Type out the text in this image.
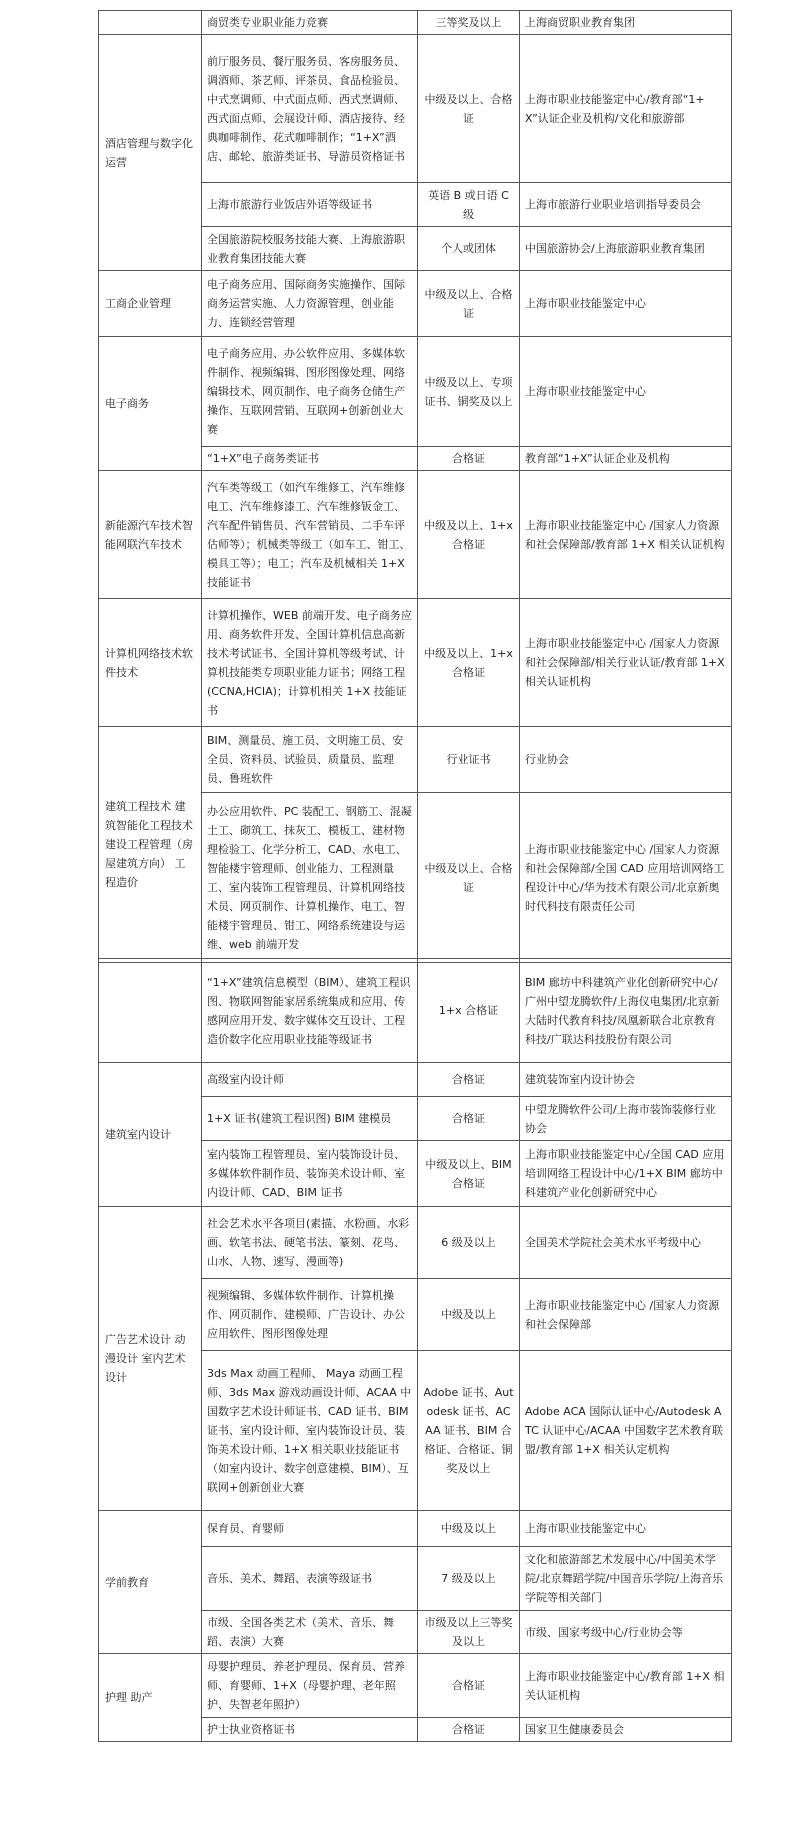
	商贸类专业职业能力竞赛	三等奖及以上	上海商贸职业教育集团
酒店管理与数字化运营	前厅服务员、餐厅服务员、客房服务员、调酒师、茶艺师、评茶员、食品检验员、中式烹调师、中式面点师、西式烹调师、西式面点师、会展设计师、酒店接待、经典咖啡制作、花式咖啡制作；“1+X”酒店、邮轮、旅游类证书、导游员资格证书	中级及以上、合格证	上海市职业技能鉴定中心/教育部“1+X”认证企业及机构/文化和旅游部
	上海市旅游行业饭店外语等级证书	英语 B 或日语 C 级	上海市旅游行业职业培训指导委员会
	全国旅游院校服务技能大赛、上海旅游职业教育集团技能大赛	个人或团体	中国旅游协会/上海旅游职业教育集团
工商企业管理	电子商务应用、国际商务实施操作、国际商务运营实施、人力资源管理、创业能力、连锁经营管理	中级及以上、合格证	上海市职业技能鉴定中心
电子商务	电子商务应用、办公软件应用、多媒体软件制作、视频编辑、图形图像处理、网络编辑技术、网页制作、电子商务仓储生产操作、互联网营销、互联网+创新创业大赛	中级及以上、专项证书、铜奖及以上	上海市职业技能鉴定中心
	“1+X”电子商务类证书	合格证	教育部“1+X”认证企业及机构
新能源汽车技术智能网联汽车技术	汽车类等级工（如汽车维修工、汽车维修电工、汽车维修漆工、汽车维修钣金工、汽车配件销售员、汽车营销员、二手车评估师等）；机械类等级工（如车工、钳工、模具工等）；电工；汽车及机械相关 1+X 技能证书	中级及以上、1+x 合格证	上海市职业技能鉴定中心 /国家人力资源和社会保障部/教育部 1+X 相关认证机构
计算机网络技术软件技术	计算机操作、WEB 前端开发、电子商务应用、商务软件开发、全国计算机信息高新技术考试证书、全国计算机等级考试、计算机技能类专项职业能力证书；网络工程(CCNA,HCIA)；计算机相关 1+X 技能证书	中级及以上、1+x 合格证	上海市职业技能鉴定中心 /国家人力资源和社会保障部/相关行业认证/教育部 1+X 相关认证机构
建筑工程技术 建筑智能化工程技术 建设工程管理（房屋建筑方向） 工程造价	BIM、测量员、施工员、文明施工员、安全员、资料员、试验员、质量员、监理员、鲁班软件	行业证书	行业协会
	办公应用软件、PC 装配工、钢筋工、混凝土工、砌筑工、抹灰工、模板工、建材物理检验工、化学分析工、CAD、水电工、智能楼宇管理师、创业能力、工程测量工、室内装饰工程管理员、计算机网络技术员、网页制作、计算机操作、电工、智能楼宇管理员、钳工、网络系统建设与运维、web 前端开发	中级及以上、合格证	上海市职业技能鉴定中心 /国家人力资源和社会保障部/全国 CAD 应用培训网络工程设计中心/华为技术有限公司/北京新奥时代科技有限责任公司
	“1+X”建筑信息模型（BIM）、建筑工程识图、物联网智能家居系统集成和应用、传感网应用开发、数字媒体交互设计、工程造价数字化应用职业技能等级证书	1+x 合格证	BIM 廊坊中科建筑产业化创新研究中心/广州中望龙腾软件/上海仪电集团/北京新大陆时代教育科技/凤凰新联合北京教育科技/广联达科技股份有限公司
建筑室内设计	高级室内设计师	合格证	建筑装饰室内设计协会
	1+X 证书(建筑工程识图) BIM 建模员	合格证	中望龙腾软件公司/上海市装饰装修行业协会
	室内装饰工程管理员、室内装饰设计员、多媒体软件制作员、装饰美术设计师、室内设计师、CAD、BIM 证书	中级及以上、BIM 合格证	上海市职业技能鉴定中心/全国 CAD 应用培训网络工程设计中心/1+X BIM 廊坊中科建筑产业化创新研究中心
广告艺术设计 动漫设计 室内艺术设计	社会艺术水平各项目(素描、水粉画、水彩画、软笔书法、硬笔书法、篆刻、花鸟、山水、人物、速写、漫画等)	6 级及以上	全国美术学院社会美术水平考级中心
	视频编辑、多媒体软件制作、计算机操作、网页制作、建模师、广告设计、办公应用软件、图形图像处理	中级及以上	上海市职业技能鉴定中心 /国家人力资源和社会保障部
	3ds Max 动画工程师、 Maya 动画工程师、3ds Max 游戏动画设计师、ACAA 中国数字艺术设计师证书、CAD 证书、BIM 证书、室内设计师、室内装饰设计员、装饰美术设计师、1+X 相关职业技能证书（如室内设计、数字创意建模、BIM）、互联网+创新创业大赛	Adobe 证书、Autodesk 证书、ACAA 证书、BIM 合格证、合格证、铜奖及以上	Adobe ACA 国际认证中心/Autodesk ATC 认证中心/ACAA 中国数字艺术教育联盟/教育部 1+X 相关认定机构
学前教育	保育员、育婴师	中级及以上	上海市职业技能鉴定中心
	音乐、美术、舞蹈、表演等级证书	7 级及以上	文化和旅游部艺术发展中心/中国美术学院/北京舞蹈学院/中国音乐学院/上海音乐学院等相关部门
	市级、全国各类艺术（美术、音乐、舞蹈、表演）大赛	市级及以上三等奖及以上	市级、国家考级中心/行业协会等
护理 助产	母婴护理员、养老护理员、保育员、营养师、育婴师、1+X（母婴护理、老年照护、失智老年照护）	合格证	上海市职业技能鉴定中心/教育部 1+X 相关认证机构
	护士执业资格证书	合格证	国家卫生健康委员会
